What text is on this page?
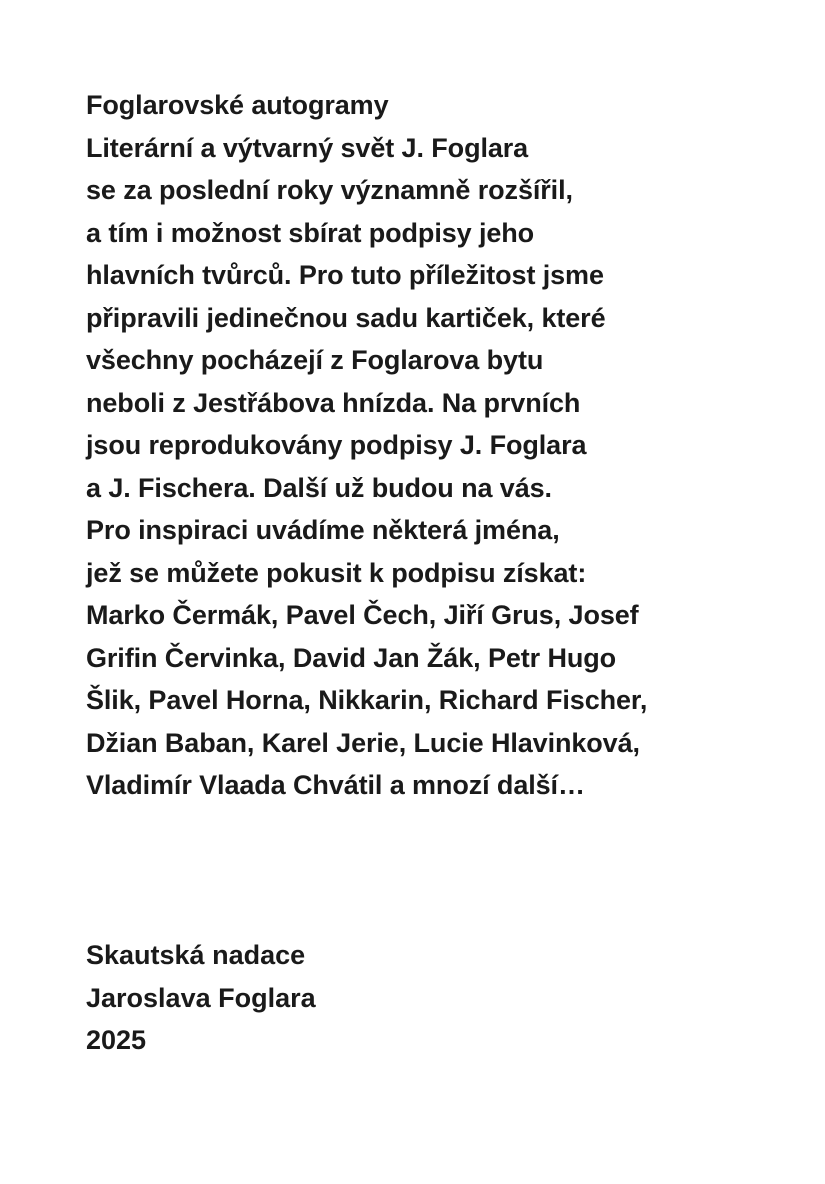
Foglarovské autogramy
Literární a výtvarný svět J. Foglara
se za poslední roky významně rozšířil,
a tím i možnost sbírat podpisy jeho
hlavních tvůrců. Pro tuto příležitost jsme
připravili jedinečnou sadu kartiček, které
všechny pocházejí z Foglarova bytu
neboli z Jestřábova hnízda. Na prvních
jsou reprodukovány podpisy J. Foglara
a J. Fischera. Další už budou na vás.
Pro inspiraci uvádíme některá jména,
jež se můžete pokusit k podpisu získat:
Marko Čermák, Pavel Čech, Jiří Grus, Josef
Grifin Červinka, David Jan Žák, Petr Hugo
Šlik, Pavel Horna, Nikkarin, Richard Fischer,
Džian Baban, Karel Jerie, Lucie Hlavinková,
Vladimír Vlaada Chvátil a mnozí další…
Skautská nadace
Jaroslava Foglara
2025
